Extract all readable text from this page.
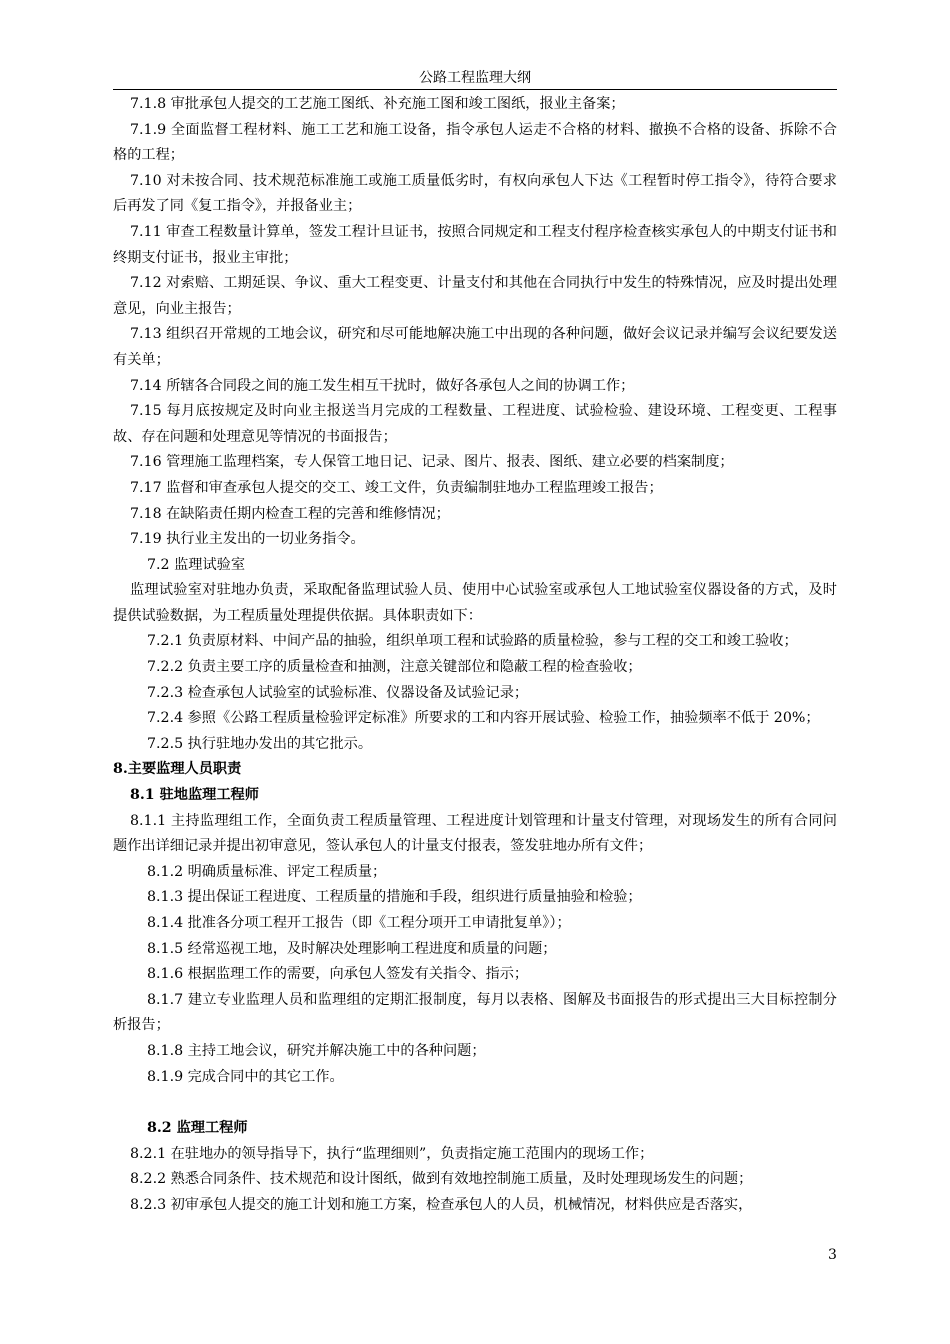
公路工程监理大纲

7.1.8 审批承包人提交的工艺施工图纸、补充施工图和竣工图纸，报业主备案；

7.1.9 全面监督工程材料、施工工艺和施工设备，指令承包人运走不合格的材料、撤换不合格的设备、拆除不合格的工程；

7.10 对未按合同、技术规范标准施工或施工质量低劣时，有权向承包人下达《工程暂时停工指令》，待符合要求后再发了同《复工指令》，并报备业主；

7.11 审查工程数量计算单，签发工程计旦证书，按照合同规定和工程支付程序检查核实承包人的中期支付证书和终期支付证书，报业主审批；

7.12 对索赔、工期延误、争议、重大工程变更、计量支付和其他在合同执行中发生的特殊情况，应及时提出处理意见，向业主报告；

7.13 组织召开常规的工地会议，研究和尽可能地解决施工中出现的各种问题，做好会议记录并编写会议纪要发送有关单；

7.14 所辖各合同段之间的施工发生相互干扰时，做好各承包人之间的协调工作；

7.15 每月底按规定及时向业主报送当月完成的工程数量、工程进度、试验检验、建设环境、工程变更、工程事故、存在问题和处理意见等情况的书面报告；

7.16 管理施工监理档案，专人保管工地日记、记录、图片、报表、图纸、建立必要的档案制度；

7.17 监督和审查承包人提交的交工、竣工文件，负责编制驻地办工程监理竣工报告；

7.18 在缺陷责任期内检查工程的完善和维修情况；

7.19 执行业主发出的一切业务指令。

7.2 监理试验室

监理试验室对驻地办负责，采取配备监理试验人员、使用中心试验室或承包人工地试验室仪器设备的方式，及时提供试验数据，为工程质量处理提供依据。具体职责如下：

7.2.1 负责原材料、中间产品的抽验，组织单项工程和试验路的质量检验，参与工程的交工和竣工验收；

7.2.2 负责主要工序的质量检查和抽测，注意关键部位和隐蔽工程的检查验收；

7.2.3 检查承包人试验室的试验标准、仪器设备及试验记录；

7.2.4 参照《公路工程质量检验评定标准》所要求的工和内容开展试验、检验工作，抽验频率不低于 20%；

7.2.5 执行驻地办发出的其它批示。

8.主要监理人员职责

8.1 驻地监理工程师

8.1.1 主持监理组工作，全面负责工程质量管理、工程进度计划管理和计量支付管理，对现场发生的所有合同问题作出详细记录并提出初审意见，签认承包人的计量支付报表，签发驻地办所有文件；

8.1.2 明确质量标准、评定工程质量；

8.1.3 提出保证工程进度、工程质量的措施和手段，组织进行质量抽验和检验；

8.1.4 批准各分项工程开工报告（即《工程分项开工申请批复单》）；

8.1.5 经常巡视工地，及时解决处理影响工程进度和质量的问题；

8.1.6 根据监理工作的需要，向承包人签发有关指令、指示；

8.1.7 建立专业监理人员和监理组的定期汇报制度，每月以表格、图解及书面报告的形式提出三大目标控制分析报告；

8.1.8 主持工地会议，研究并解决施工中的各种问题；

8.1.9 完成合同中的其它工作。

8.2 监理工程师

8.2.1 在驻地办的领导指导下，执行“监理细则”，负责指定施工范围内的现场工作；

8.2.2 熟悉合同条件、技术规范和设计图纸，做到有效地控制施工质量，及时处理现场发生的问题；

8.2.3 初审承包人提交的施工计划和施工方案，检查承包人的人员，机械情况，材料供应是否落实，

3
